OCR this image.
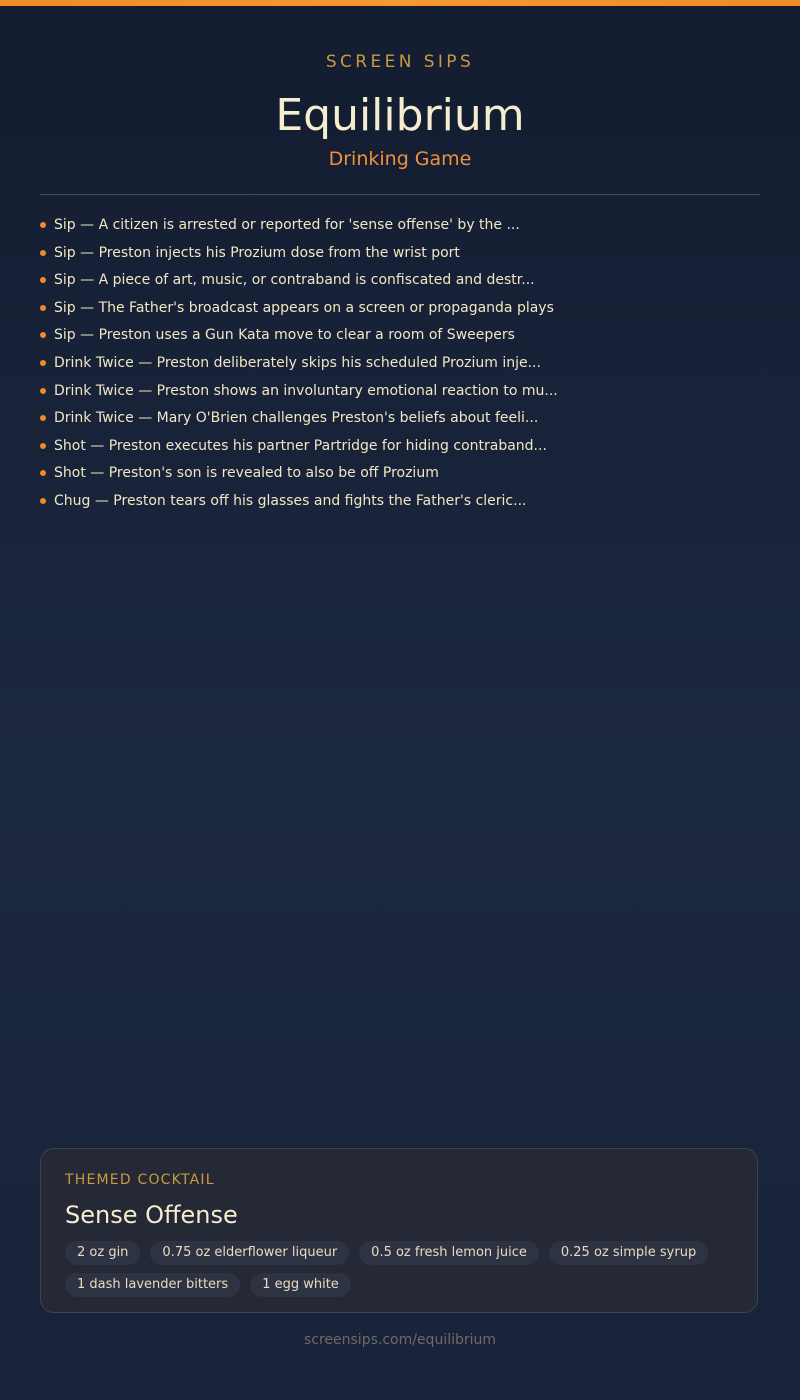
SCREEN SIPS
Equilibrium
Drinking Game
Sip — A citizen is arrested or reported for 'sense offense' by the ...
Sip — Preston injects his Prozium dose from the wrist port
Sip — A piece of art, music, or contraband is confiscated and destr...
Sip — The Father's broadcast appears on a screen or propaganda plays
Sip — Preston uses a Gun Kata move to clear a room of Sweepers
Drink Twice — Preston deliberately skips his scheduled Prozium inje...
Drink Twice — Preston shows an involuntary emotional reaction to mu...
Drink Twice — Mary O'Brien challenges Preston's beliefs about feeli...
Shot — Preston executes his partner Partridge for hiding contraband...
Shot — Preston's son is revealed to also be off Prozium
Chug — Preston tears off his glasses and fights the Father's cleric...
THEMED COCKTAIL
Sense Offense
2 oz gin	0.75 oz elderflower liqueur	0.5 oz fresh lemon juice	0.25 oz simple syrup
1 dash lavender bitters	1 egg white
screensips.com/equilibrium
